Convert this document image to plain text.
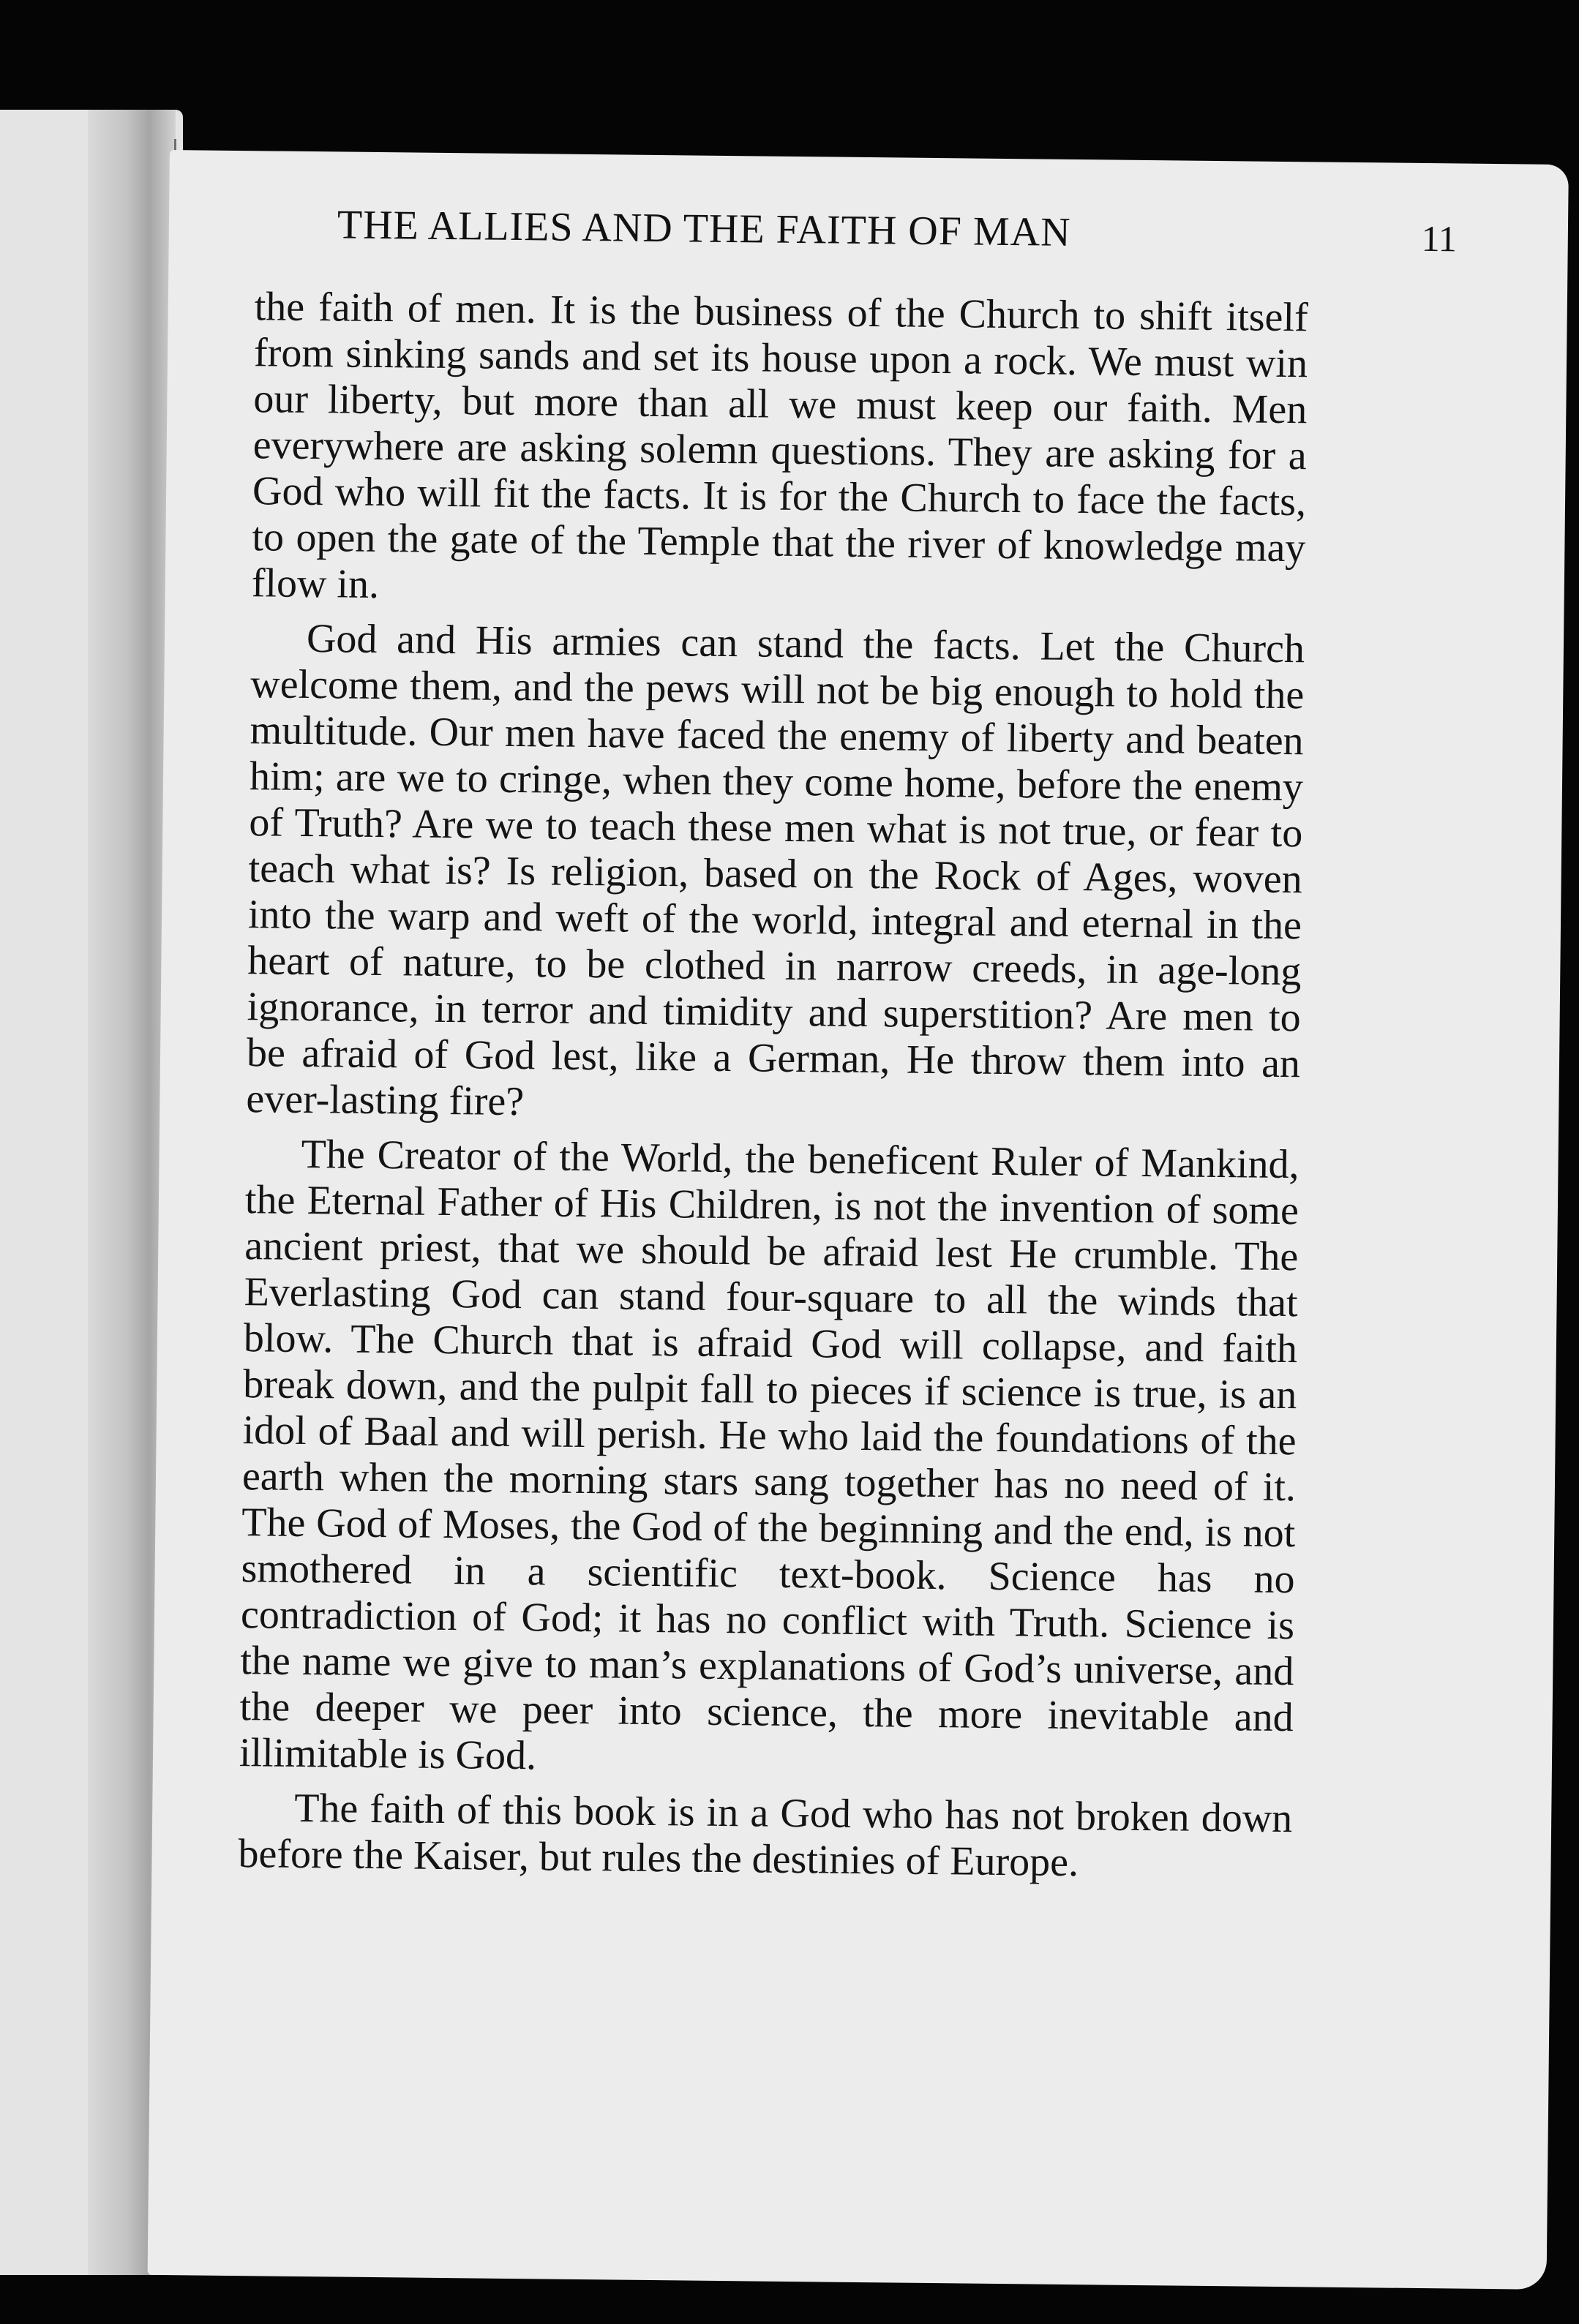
THE ALLIES AND THE FAITH OF MAN	11

the faith of men. It is the business of the Church to shift itself from sinking sands and set its house upon a rock. We must win our liberty, but more than all we must keep our faith. Men everywhere are asking solemn questions. They are asking for a God who will fit the facts. It is for the Church to face the facts, to open the gate of the Temple that the river of knowledge may flow in.

God and His armies can stand the facts. Let the Church welcome them, and the pews will not be big enough to hold the multitude. Our men have faced the enemy of liberty and beaten him; are we to cringe, when they come home, before the enemy of Truth? Are we to teach these men what is not true, or fear to teach what is? Is religion, based on the Rock of Ages, woven into the warp and weft of the world, integral and eternal in the heart of nature, to be clothed in narrow creeds, in age-long ignorance, in terror and timidity and superstition? Are men to be afraid of God lest, like a German, He throw them into an ever-lasting fire?

The Creator of the World, the beneficent Ruler of Mankind, the Eternal Father of His Children, is not the invention of some ancient priest, that we should be afraid lest He crumble. The Everlasting God can stand four-square to all the winds that blow. The Church that is afraid God will collapse, and faith break down, and the pulpit fall to pieces if science is true, is an idol of Baal and will perish. He who laid the foundations of the earth when the morning stars sang together has no need of it. The God of Moses, the God of the beginning and the end, is not smothered in a scientific text-book. Science has no contradiction of God; it has no conflict with Truth. Science is the name we give to man’s explanations of God’s universe, and the deeper we peer into science, the more inevitable and illimitable is God.

The faith of this book is in a God who has not broken down before the Kaiser, but rules the destinies of Europe.
